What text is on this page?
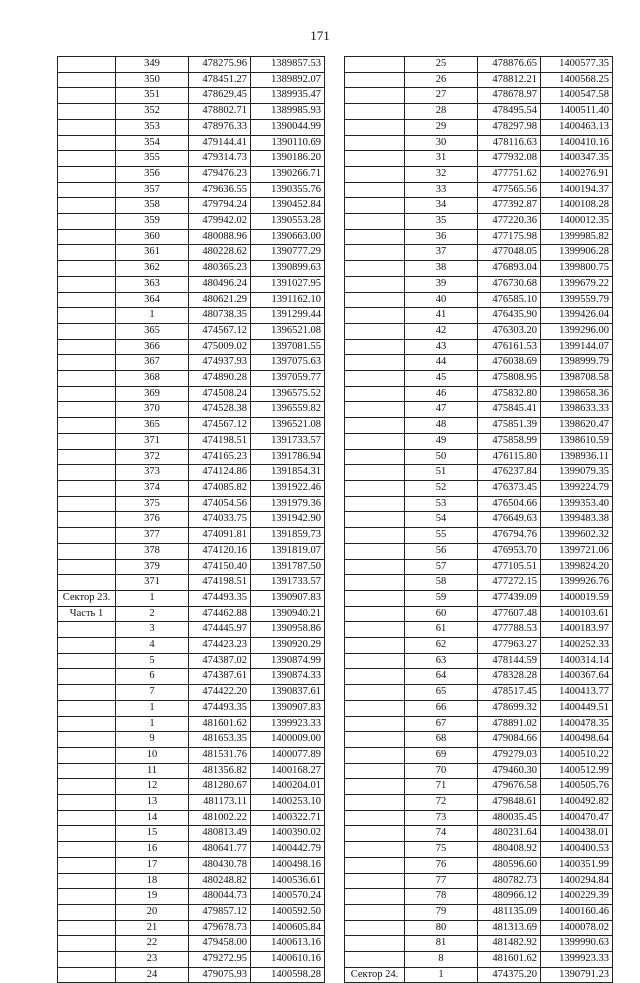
171
	349	478275.96	1389857.53
	350	478451.27	1389892.07
	351	478629.45	1389935.47
	352	478802.71	1389985.93
	353	478976.33	1390044.99
	354	479144.41	1390110.69
	355	479314.73	1390186.20
	356	479476.23	1390266.71
	357	479636.55	1390355.76
	358	479794.24	1390452.84
	359	479942.02	1390553.28
	360	480088.96	1390663.00
	361	480228.62	1390777.29
	362	480365.23	1390899.63
	363	480496.24	1391027.95
	364	480621.29	1391162.10
	1	480738.35	1391299.44
	365	474567.12	1396521.08
	366	475009.02	1397081.55
	367	474937.93	1397075.63
	368	474890.28	1397059.77
	369	474508.24	1396575.52
	370	474528.38	1396559.82
	365	474567.12	1396521.08
	371	474198.51	1391733.57
	372	474165.23	1391786.94
	373	474124.86	1391854.31
	374	474085.82	1391922.46
	375	474054.56	1391979.36
	376	474033.75	1391942.90
	377	474091.81	1391859.73
	378	474120.16	1391819.07
	379	474150.40	1391787.50
	371	474198.51	1391733.57
Сектор 23.	1	474493.35	1390907.83
Часть 1	2	474462.88	1390940.21
	3	474445.97	1390958.86
	4	474423.23	1390920.29
	5	474387.02	1390874.99
	6	474387.61	1390874.33
	7	474422.20	1390837.61
	1	474493.35	1390907.83
	1	481601.62	1399923.33
	9	481653.35	1400009.00
	10	481531.76	1400077.89
	11	481356.82	1400168.27
	12	481280.67	1400204.01
	13	481173.11	1400253.10
	14	481002.22	1400322.71
	15	480813.49	1400390.02
	16	480641.77	1400442.79
	17	480430.78	1400498.16
	18	480248.82	1400536.61
	19	480044.73	1400570.24
	20	479857.12	1400592.50
	21	479678.73	1400605.84
	22	479458.00	1400613.16
	23	479272.95	1400610.16
	24	479075.93	1400598.28
	25	478876.65	1400577.35
	26	478812.21	1400568.25
	27	478678.97	1400547.58
	28	478495.54	1400511.40
	29	478297.98	1400463.13
	30	478116.63	1400410.16
	31	477932.08	1400347.35
	32	477751.62	1400276.91
	33	477565.56	1400194.37
	34	477392.87	1400108.28
	35	477220.36	1400012.35
	36	477175.98	1399985.82
	37	477048.05	1399906.28
	38	476893.04	1399800.75
	39	476730.68	1399679.22
	40	476585.10	1399559.79
	41	476435.90	1399426.04
	42	476303.20	1399296.00
	43	476161.53	1399144.07
	44	476038.69	1398999.79
	45	475808.95	1398708.58
	46	475832.80	1398658.36
	47	475845.41	1398633.33
	48	475851.39	1398620.47
	49	475858.99	1398610.59
	50	476115.80	1398936.11
	51	476237.84	1399079.35
	52	476373.45	1399224.79
	53	476504.66	1399353.40
	54	476649.63	1399483.38
	55	476794.76	1399602.32
	56	476953.70	1399721.06
	57	477105.51	1399824.20
	58	477272.15	1399926.76
	59	477439.09	1400019.59
	60	477607.48	1400103.61
	61	477788.53	1400183.97
	62	477963.27	1400252.33
	63	478144.59	1400314.14
	64	478328.28	1400367.64
	65	478517.45	1400413.77
	66	478699.32	1400449.51
	67	478891.02	1400478.35
	68	479084.66	1400498.64
	69	479279.03	1400510.22
	70	479460.30	1400512.99
	71	479676.58	1400505.76
	72	479848.61	1400492.82
	73	480035.45	1400470.47
	74	480231.64	1400438.01
	75	480408.92	1400400.53
	76	480596.60	1400351.99
	77	480782.73	1400294.84
	78	480966.12	1400229.39
	79	481135.09	1400160.46
	80	481313.69	1400078.02
	81	481482.92	1399990.63
	8	481601.62	1399923.33
Сектор 24.	1	474375.20	1390791.23
